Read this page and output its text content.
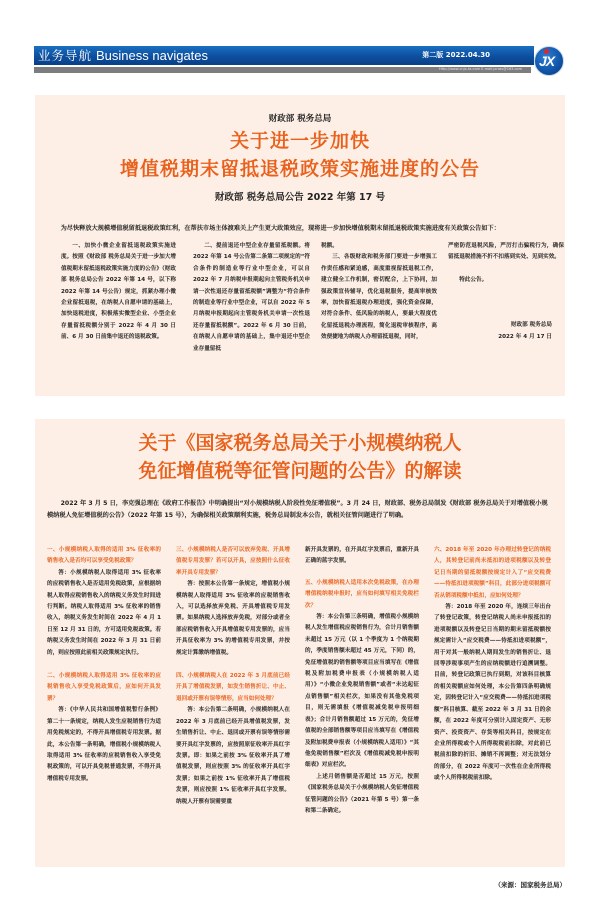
业务导航 Business navigates	第二版 2022.04.30
Http://www.cnjx-ta.com E-mail:jxnws@163.com JX
财政部 税务总局
关于进一步加快
增值税期末留抵退税政策实施进度的公告
财政部 税务总局公告 2022 年第 17 号

为尽快释放大规模增值税留抵退税政策红利，在帮扶市场主体渡难关上产生更大政策效应，现将进一步加快增值税期末留抵退税政策实施进度有关政策公告如下：

一、加快小微企业留抵退税政策实施进度。按照《财政部 税务总局关于进一步加大增值税期末留抵退税政策实施力度的公告》（财政部 税务总局公告 2022 年第 14 号，以下称 2022 年第 14 号公告）规定，抓紧办理小微企业留抵退税，在纳税人自愿申请的基础上，加快退税进度，积极落实微型企业、小型企业存量留抵税额分别于 2022 年 4 月 30 日前、6 月 30 日前集中退还的退税政策。

二、提前退还中型企业存量留抵税额。将 2022 年第 14 号公告第二条第二项规定的“符合条件的制造业等行业中型企业，可以自 2022 年 7 月纳税申报期起向主管税务机关申请一次性退还存量留抵税额”调整为“符合条件的制造业等行业中型企业，可以自 2022 年 5 月纳税申报期起向主管税务机关申请一次性退还存量留抵税额”。2022 年 6 月 30 日前，在纳税人自愿申请的基础上，集中退还中型企业存量留抵

税额。

三、各级财政和税务部门要进一步增强工作责任感和紧迫感，高度重视留抵退税工作，建立健全工作机制，密切配合，上下协同，加强政策宣传辅导，优化退税服务，提高审核效率，加快留抵退税办理进度，强化资金保障，对符合条件、低风险的纳税人，要最大程度优化留抵退税办理流程，简化退税审核程序，高效便捷地为纳税人办理留抵退税，同时，

严密防范退税风险，严厉打击骗税行为，确保留抵退税措施不折不扣落到实处、见到实效。

特此公告。

财政部 税务总局

2022 年 4 月 17 日

关于《国家税务总局关于小规模纳税人
免征增值税等征管问题的公告》的解读

2022 年 3 月 5 日，李克强总理在《政府工作报告》中明确提出“对小规模纳税人阶段性免征增值税”。3 月 24 日，财政部、税务总局制发《财政部 税务总局关于对增值税小规模纳税人免征增值税的公告》（2022 年第 15 号），为确保相关政策顺利实施，税务总局制发本公告，就相关征管问题进行了明确。

一、小规模纳税人取得的适用 3% 征收率的销售收入是否均可以享受免税政策？

答：小规模纳税人取得适用 3% 征收率的应税销售收入是否适用免税政策，应根据纳税人取得应税销售收入的纳税义务发生时间进行判断。纳税人取得适用 3% 征收率的销售收入，纳税义务发生时间在 2022 年 4 月 1 日至 12 月 31 日的，方可适用免税政策。若纳税义务发生时间在 2022 年 3 月 31 日前的，则应按照此前相关政策规定执行。

二、小规模纳税人取得适用 3% 征收率的应税销售收入享受免税政策后，应如何开具发票？

答：《中华人民共和国增值税暂行条例》第二十一条规定，纳税人发生应税销售行为适用免税规定的，不得开具增值税专用发票。据此，本公告第一条明确，增值税小规模纳税人取得适用 3% 征收率的应税销售收入享受免税政策的，可以开具免税普通发票，不得开具增值税专用发票。

三、小规模纳税人是否可以放弃免税、开具增值税专用发票？若可以开具，应按照什么征收率开具专用发票？

答：按照本公告第一条规定，增值税小规模纳税人取得适用 3% 征收率的应税销售收入，可以选择放弃免税、开具增值税专用发票。如果纳税人选择放弃免税，对部分或者全部应税销售收入开具增值税专用发票的，应当开具征收率为 3% 的增值税专用发票，并按规定计算缴纳增值税。

四、小规模纳税人在 2022 年 3 月底前已经开具了增值税发票，如发生销售折让、中止、退回或开票有误等情形，应当如何处理？

答：本公告第二条明确，小规模纳税人在 2022 年 3 月底前已经开具增值税发票，发生销售折让、中止、退回或开票有误等情形需要开具红字发票的，应按照原征收率开具红字发票。即：如果之前按 3% 征收率开具了增值税发票，则应按照 3% 的征收率开具红字发票；如果之前按 1% 征收率开具了增值税发票，则应按照 1% 征收率开具红字发票。纳税人开票有误需要重

新开具发票的，在开具红字发票后，重新开具正确的蓝字发票。

五、小规模纳税人适用本次免税政策，在办理增值税纳税申报时，应当如何填写相关免税栏次？

答：本公告第三条明确，增值税小规模纳税人发生增值税应税销售行为，合计月销售额未超过 15 万元（以 1 个季度为 1 个纳税期的，季度销售额未超过 45 万元，下同）的，免征增值税的销售额等项目应当填写在《增值税及附加税费申报表（小规模纳税人适用）》“小微企业免税销售额”或者“未达起征点销售额”相关栏次，如果没有其他免税项目，则无需填报《增值税减免税申报明细表》；合计月销售额超过 15 万元的，免征增值税的全部销售额等项目应当填写在《增值税及附加税费申报表（小规模纳税人适用）》“其他免税销售额”栏次及《增值税减免税申报明细表》对应栏次。

上述月销售额是否超过 15 万元，按照《国家税务总局关于小规模纳税人免征增值税征管问题的公告》（2021 年第 5 号）第一条和第二条确定。

六、2018 年至 2020 年办理过转登记的纳税人，其转登记前尚未抵扣的进项税额以及转登记日当期的留抵税额按规定计入了“应交税费——待抵扣进项税额”科目，此部分进项税额可否从销项税额中抵扣，应如何处理？

答：2018 年至 2020 年，连续三年出台了转登记政策，转登记纳税人尚未申报抵扣的进项税额以及转登记日当期的期末留抵税额按规定需计入“应交税费——待抵扣进项税额”，用于对其一般纳税人期间发生的销售折让、退回等涉税事项产生的应纳税额进行追溯调整。目前，转登记政策已执行到期，对该科目核算的相关税额应如何处理，本公告第四条明确规定，因转登记计入“应交税费——待抵扣进项税额”科目核算、截至 2022 年 3 月 31 日的余额，在 2022 年度可分别计入固定资产、无形资产、投资资产、存货等相关科目，按规定在企业所得税或个人所得税税前扣除，对此前已税前扣除的折旧、摊销不再调整；对无法划分的部分，在 2022 年度可一次性在企业所得税或个人所得税税前扣除。

（来源：国家税务总局）
